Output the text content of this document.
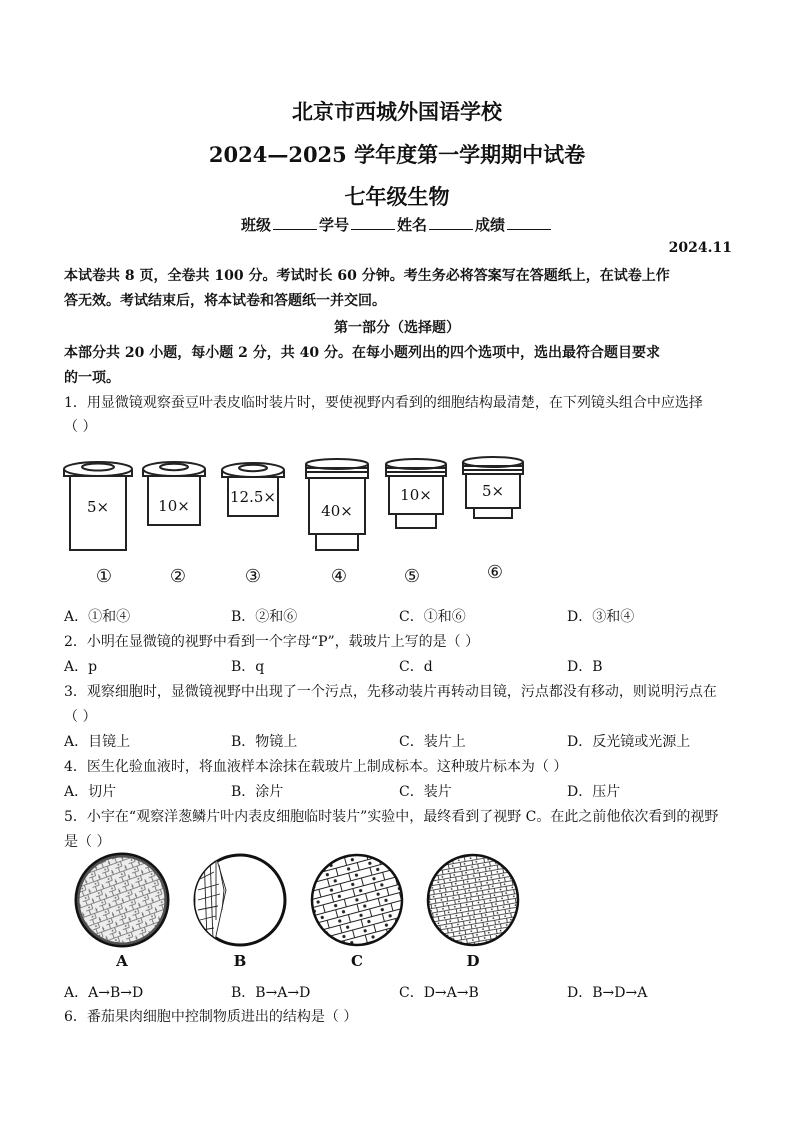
北京市西城外国语学校
2024—2025 学年度第一学期期中试卷
七年级生物
班级	学号	姓名	成绩
2024.11
本试卷共 8 页，全卷共 100 分。考试时长 60 分钟。考生务必将答案写在答题纸上，在试卷上作
答无效。考试结束后，将本试卷和答题纸一并交回。
第一部分（选择题）
本部分共 20 小题，每小题 2 分，共 40 分。在每小题列出的四个选项中，选出最符合题目要求
的一项。
1．用显微镜观察蚕豆叶表皮临时装片时，要使视野内看到的细胞结构最清楚，在下列镜头组合中应选择
（ ）
5×	10×	12.5×
40×
10×	5×
①	②	③	④	⑤	⑥
A．①和④	B．②和⑥	C．①和⑥	D．③和④
2．小明在显微镜的视野中看到一个字母“P”，载玻片上写的是（ ）
A．p	B．q	C．d	D．B
3．观察细胞时，显微镜视野中出现了一个污点，先移动装片再转动目镜，污点都没有移动，则说明污点在
（ ）
A．目镜上	B．物镜上	C．装片上	D．反光镜或光源上
4．医生化验血液时，将血液样本涂抹在载玻片上制成标本。这种玻片标本为（ ）
A．切片	B．涂片	C．装片	D．压片
5．小宇在“观察洋葱鳞片叶内表皮细胞临时装片”实验中，最终看到了视野 C。在此之前他依次看到的视野
是（ ）
A	B	C	D
A．A→B→D	B．B→A→D	C．D→A→B	D．B→D→A
6．番茄果肉细胞中控制物质进出的结构是（ ）
